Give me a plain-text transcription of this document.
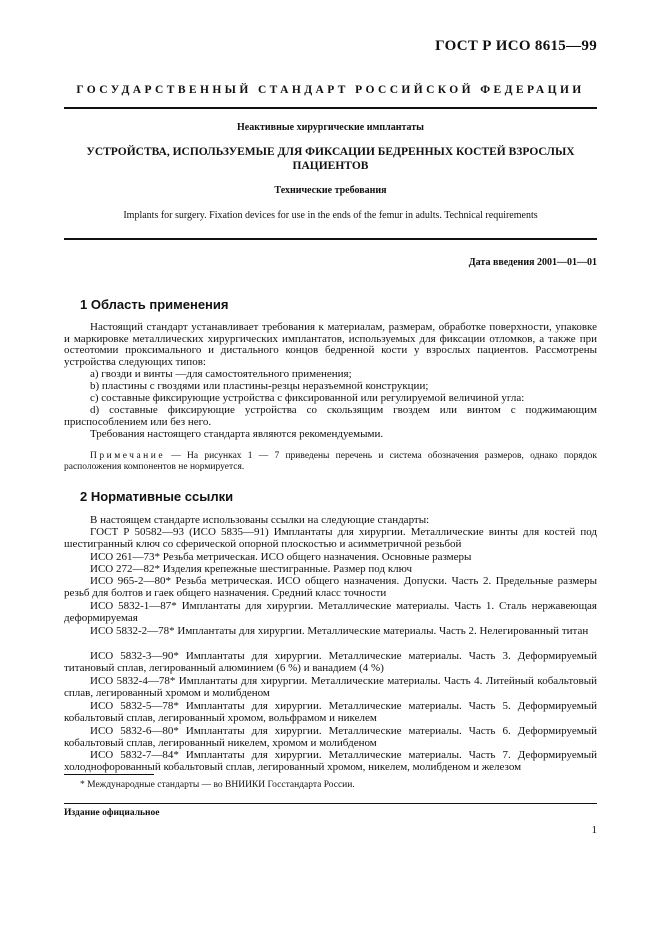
ГОСТ Р ИСО 8615—99
ГОСУДАРСТВЕННЫЙ СТАНДАРТ РОССИЙСКОЙ ФЕДЕРАЦИИ
Неактивные хирургические имплантаты
УСТРОЙСТВА, ИСПОЛЬЗУЕМЫЕ ДЛЯ ФИКСАЦИИ БЕДРЕННЫХ КОСТЕЙ ВЗРОСЛЫХ
ПАЦИЕНТОВ
Технические требования
Implants for surgery. Fixation devices for use in the ends of the femur in adults. Technical requirements
Дата введения 2001—01—01
1 Область применения
Настоящий стандарт устанавливает требования к материалам, размерам, обработке поверхности, упаковке и маркировке металлических хирургических имплантатов, используемых для фиксации отломков, а также при остеотомии проксимального и дистального концов бедренной кости у взрослых пациентов. Рассмотрены устройства следующих типов:
a) гвозди и винты —для самостоятельного применения;
b) пластины с гвоздями или пластины-резцы неразъемной конструкции;
c) составные фиксирующие устройства с фиксированной или регулируемой величиной угла:
d) составные фиксирующие устройства со скользящим гвоздем или винтом с поджимающим приспособлением или без него.
Требования настоящего стандарта являются рекомендуемыми.
Примечание — На рисунках 1 — 7 приведены перечень и система обозначения размеров, однако порядок расположения компонентов не нормируется.
2 Нормативные ссылки
В настоящем стандарте использованы ссылки на следующие стандарты:
ГОСТ Р 50582—93 (ИСО 5835—91) Имплантаты для хирургии. Металлические винты для костей под шестигранный ключ со сферической опорной плоскостью и асимметричной резьбой
ИСО 261—73* Резьба метрическая. ИСО общего назначения. Основные размеры
ИСО 272—82* Изделия крепежные шестигранные. Размер под ключ
ИСО 965-2—80* Резьба метрическая. ИСО общего назначения. Допуски. Часть 2. Предельные размеры резьб для болтов и гаек общего назначения. Средний класс точности
ИСО 5832-1—87* Имплантаты для хирургии. Металлические материалы. Часть 1. Сталь нержавеющая деформируемая
ИСО 5832-2—78* Имплантаты для хирургии. Металлические материалы. Часть 2. Нелегированный титан
ИСО 5832-3—90* Имплантаты для хирургии. Металлические материалы. Часть 3. Деформируемый титановый сплав, легированный алюминием (6 %) и ванадием (4 %)
ИСО 5832-4—78* Имплантаты для хирургии. Металлические материалы. Часть 4. Литейный кобальтовый сплав, легированный хромом и молибденом
ИСО 5832-5—78* Имплантаты для хирургии. Металлические материалы. Часть 5. Деформируемый кобальтовый сплав, легированный хромом, вольфрамом и никелем
ИСО 5832-6—80* Имплантаты для хирургии. Металлические материалы. Часть 6. Деформируемый кобальтовый сплав, легированный никелем, хромом и молибденом
ИСО 5832-7—84* Имплантаты для хирургии. Металлические материалы. Часть 7. Деформируемый холоднофорованный кобальтовый сплав, легированный хромом, никелем, молибденом и железом
* Международные стандарты — во ВНИИКИ Госстандарта России.
Издание официальное
1
